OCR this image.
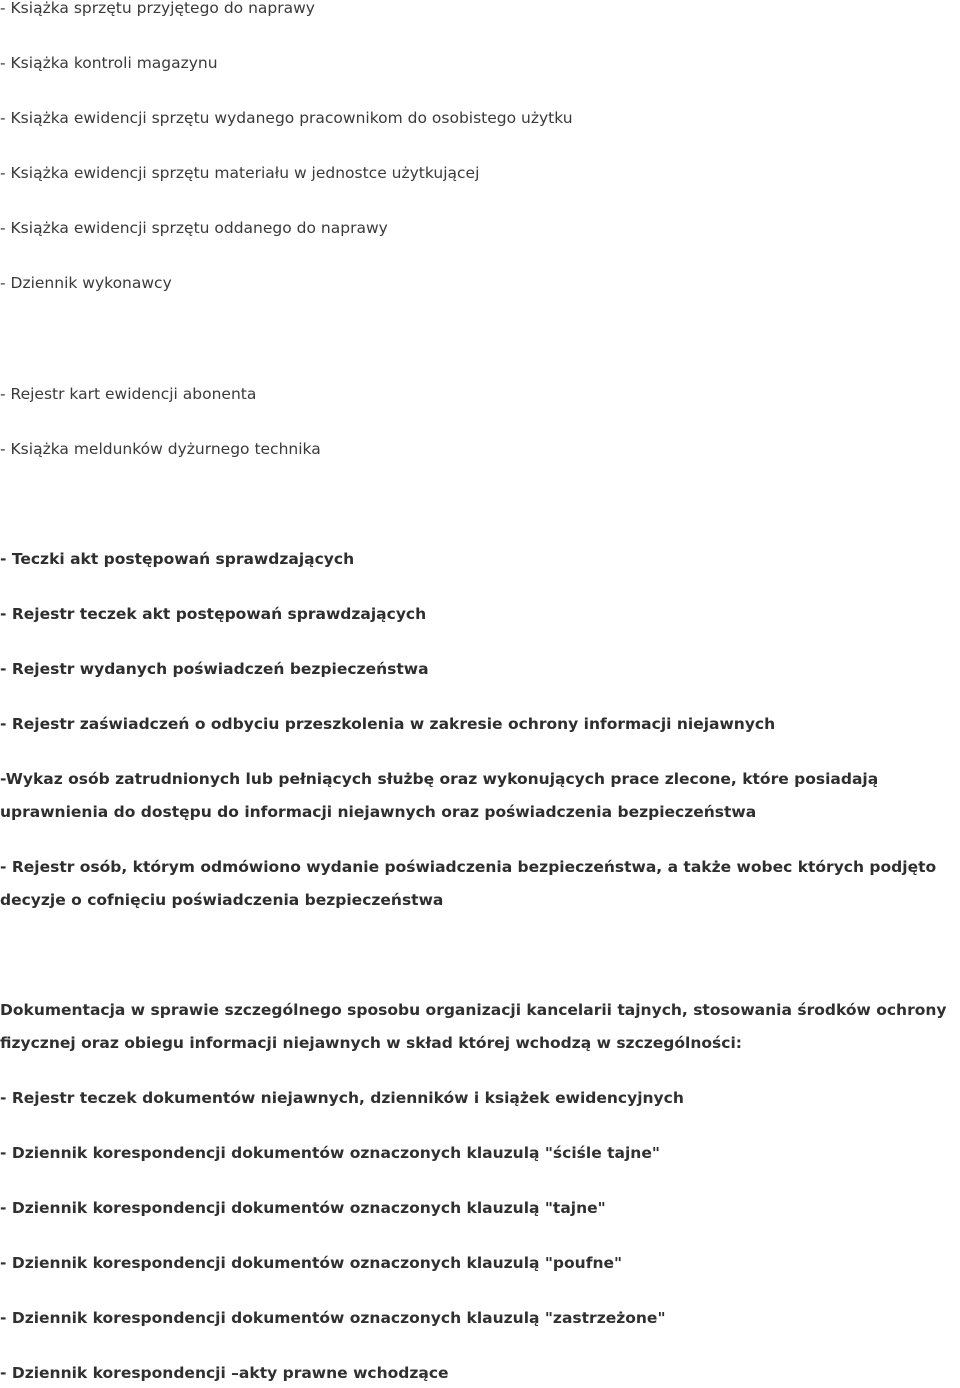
- Książka sprzętu przyjętego do naprawy
- Książka kontroli magazynu
- Książka ewidencji sprzętu wydanego pracownikom do osobistego użytku
- Książka ewidencji sprzętu materiału w jednostce użytkującej
- Książka ewidencji sprzętu oddanego do naprawy
- Dziennik wykonawcy
- Rejestr kart ewidencji abonenta
- Książka meldunków dyżurnego technika
- Teczki akt postępowań sprawdzających
- Rejestr teczek akt postępowań sprawdzających
- Rejestr wydanych poświadczeń bezpieczeństwa
- Rejestr zaświadczeń o odbyciu przeszkolenia w zakresie ochrony informacji niejawnych
-Wykaz osób zatrudnionych lub pełniących służbę oraz wykonujących prace zlecone, które posiadają
uprawnienia do dostępu do informacji niejawnych oraz poświadczenia bezpieczeństwa
- Rejestr osób, którym odmówiono wydanie poświadczenia bezpieczeństwa, a także wobec których podjęto
decyzje o cofnięciu poświadczenia bezpieczeństwa
Dokumentacja w sprawie szczególnego sposobu organizacji kancelarii tajnych, stosowania środków ochrony
fizycznej oraz obiegu informacji niejawnych w skład której wchodzą w szczególności:
- Rejestr teczek dokumentów niejawnych, dzienników i książek ewidencyjnych
- Dziennik korespondencji dokumentów oznaczonych klauzulą "ściśle tajne"
- Dziennik korespondencji dokumentów oznaczonych klauzulą "tajne"
- Dziennik korespondencji dokumentów oznaczonych klauzulą "poufne"
- Dziennik korespondencji dokumentów oznaczonych klauzulą "zastrzeżone"
- Dziennik korespondencji –akty prawne wchodzące
